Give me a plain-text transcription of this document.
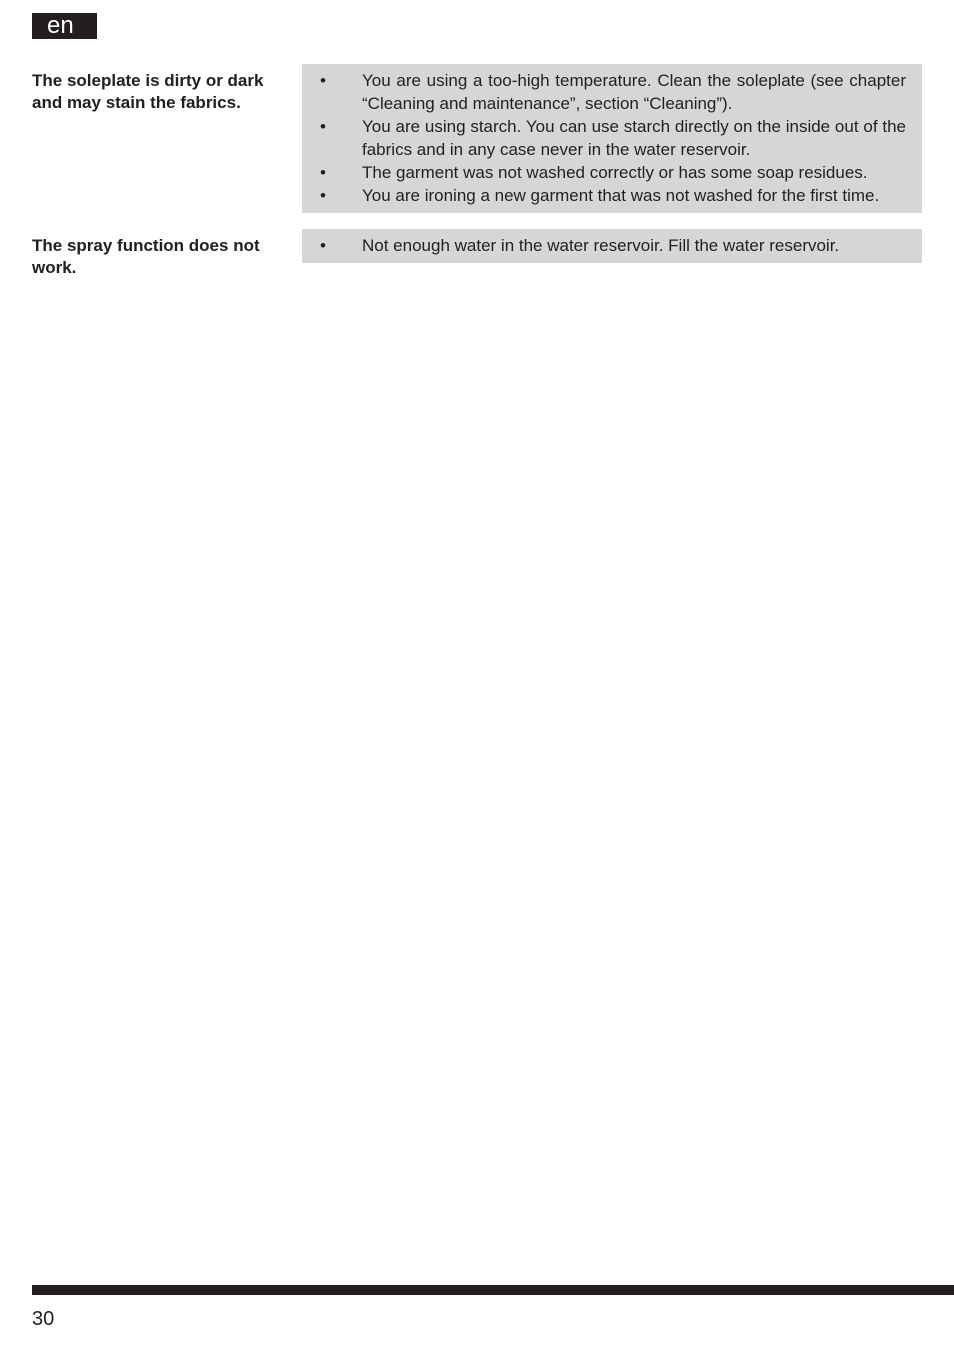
en
The soleplate is dirty or dark and may stain the fabrics.
•	You are using a too-high temperature. Clean the soleplate (see chapter “Cleaning and maintenance”, section “Cleaning”).
•	You are using starch. You can use starch directly on the inside out of the fabrics and in any case never in the water reservoir.
•	The garment was not washed correctly or has some soap residues.
•	You are ironing a new garment that was not washed for the first time.
The spray function does not work.
•	Not enough water in the water reservoir. Fill the water reservoir.
30
